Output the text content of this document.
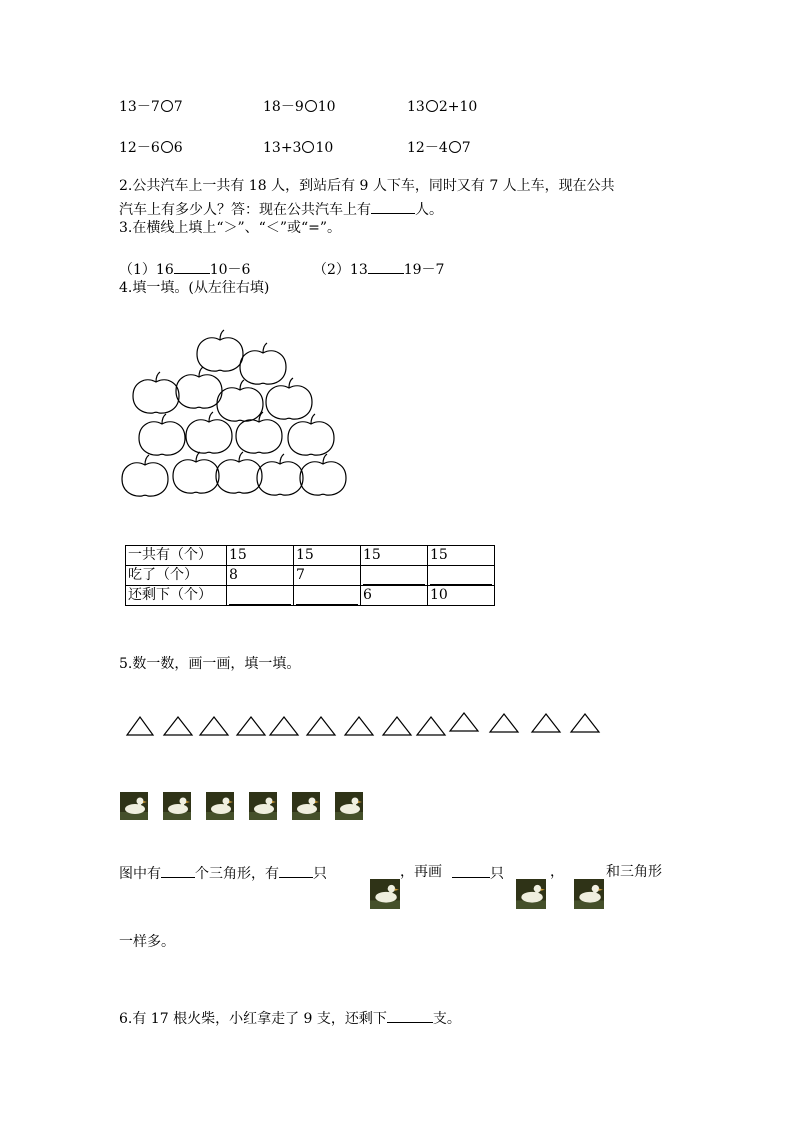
13－7 7	18－9 10	13 2+10
12－6 6	13+3 10	12－4 7
2.公共汽车上一共有 18 人，到站后有 9 人下车，同时又有 7 人上车，现在公共
汽车上有多少人？答：现在公共汽车上有	人。
3.在横线上填上“＞”、“＜”或“=”。
（1）16	10－6	（2）13	19－7
4.填一填。(从左往右填)
一共有（个）	15	15	15	15
吃了（个）	8	7	

还剩下（个）			6	10
5.数一数，画一画，填一填。
图中有 个三角形，有 只	，再画	只	，	和三角形
一样多。
6.有 17 根火柴，小红拿走了 9 支，还剩下	支。
